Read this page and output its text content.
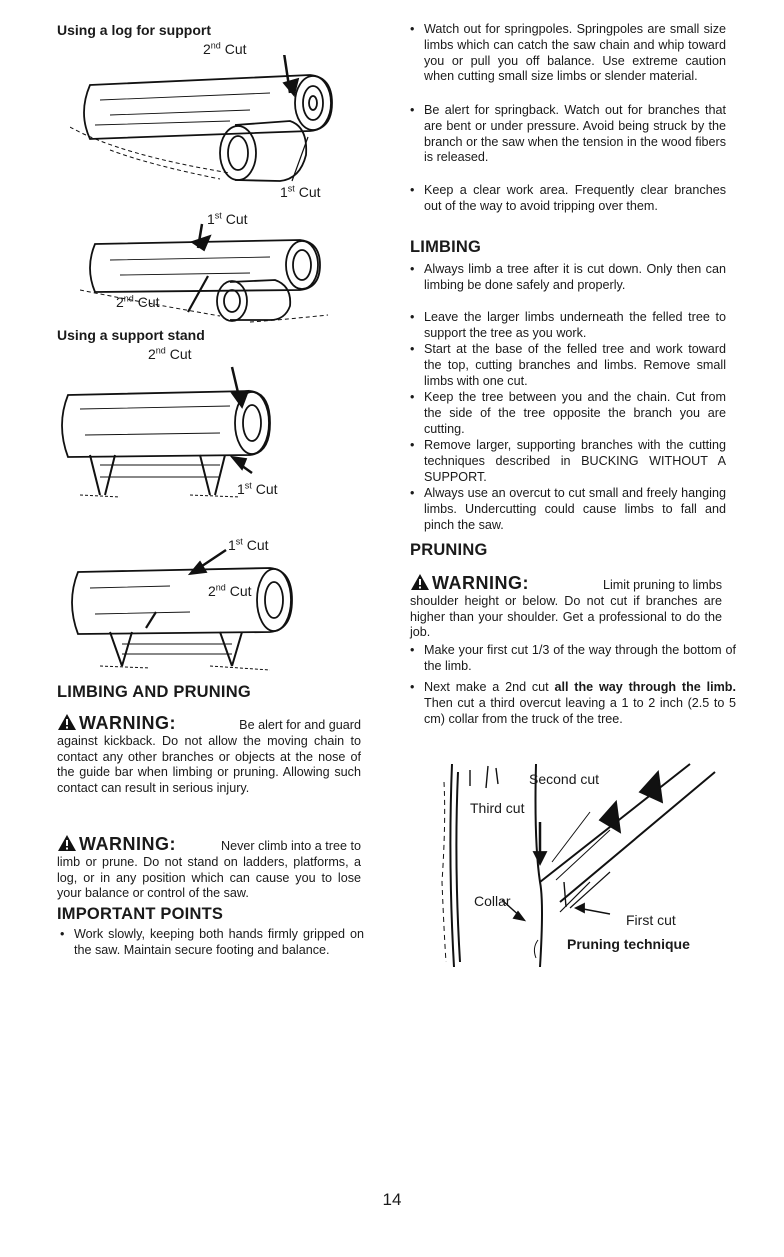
Using a log for support
2nd Cut
1st Cut
1st Cut
2nd Cut
Using a support stand
2nd Cut
1st Cut
1st Cut
2nd Cut
LIMBING AND PRUNING
WARNING:	Be alert for and guard
against kickback. Do not allow the moving chain to contact any other branches or objects at the nose of the guide bar when limbing or pruning. Allowing such contact can result in serious injury.
WARNING:	Never climb into a tree to
limb or prune. Do not stand on ladders, platforms, a log, or in any position which can cause you to lose your balance or control of the saw.
IMPORTANT POINTS
• Work slowly, keeping both hands firmly gripped on the saw. Maintain secure footing and balance.
• Watch out for springpoles. Springpoles are small size limbs which can catch the saw chain and whip toward you or pull you off balance. Use extreme caution when cutting small size limbs or slender material.
• Be alert for springback. Watch out for branches that are bent or under pressure. Avoid being struck by the branch or the saw when the tension in the wood fibers is released.
• Keep a clear work area. Frequently clear branches out of the way to avoid tripping over them.
LIMBING
• Always limb a tree after it is cut down. Only then can limbing be done safely and properly.
• Leave the larger limbs underneath the felled tree to support the tree as you work.
• Start at the base of the felled tree and work toward the top, cutting branches and limbs. Remove small limbs with one cut.
• Keep the tree between you and the chain. Cut from the side of the tree opposite the branch you are cutting.
• Remove larger, supporting branches with the cutting techniques described in BUCKING WITHOUT A SUPPORT.
• Always use an overcut to cut small and freely hanging limbs. Undercutting could cause limbs to fall and pinch the saw.
PRUNING
WARNING:	Limit pruning to limbs
shoulder height or below. Do not cut if branches are higher than your shoulder. Get a professional to do the job.
• Make your first cut 1/3 of the way through the bottom of the limb.
• Next make a 2nd cut all the way through the limb. Then cut a third overcut leaving a 1 to 2 inch (2.5 to 5 cm) collar from the truck of the tree.
Second cut
Third cut
Collar
First cut
Pruning technique
14
